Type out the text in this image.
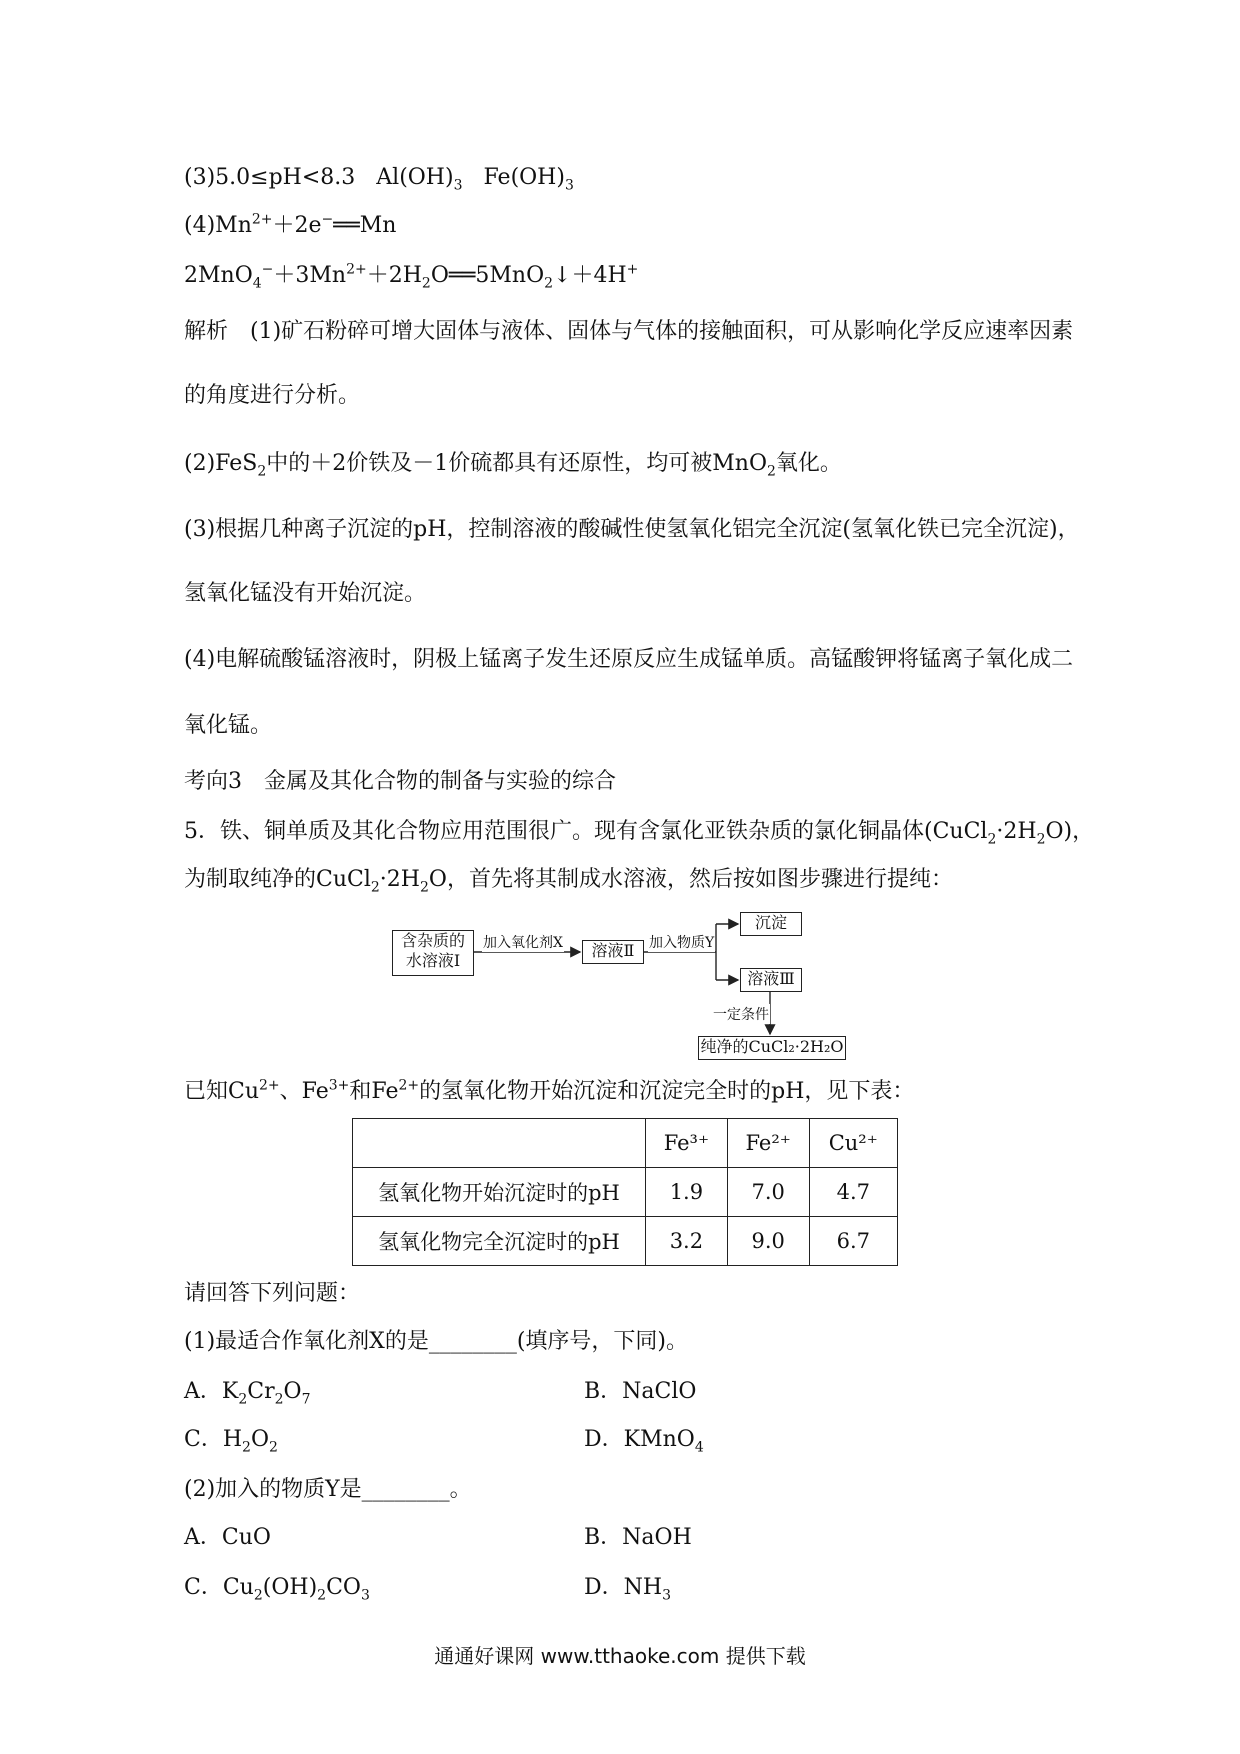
(3)5.0≤pH<8.3 $Al(OH)_3$ $Fe(OH)_3$
$(4)Mn^{2+}+2e^-══Mn$
$2MnO_4^-+3Mn^{2+}+2H_2O══5MnO_2↓+4H^+$
解析　(1)矿石粉碎可增大固体与液体、固体与气体的接触面积，可从影响化学反应速率因素
的角度进行分析。
(2)FeS$_2$中的＋2价铁及－1价硫都具有还原性，均可被MnO$_2$氧化。
(3)根据几种离子沉淀的pH，控制溶液的酸碱性使氢氧化铝完全沉淀(氢氧化铁已完全沉淀)，
氢氧化锰没有开始沉淀。
(4)电解硫酸锰溶液时，阴极上锰离子发生还原反应生成锰单质。高锰酸钾将锰离子氧化成二
氧化锰。
考向3　金属及其化合物的制备与实验的综合
5．铁、铜单质及其化合物应用范围很广。现有含氯化亚铁杂质的氯化铜晶体$(CuCl_2\cdot 2H_2O)$，
为制取纯净的$CuCl_2\cdot 2H_2O$，首先将其制成水溶液，然后按如图步骤进行提纯：
含杂质的
水溶液Ⅰ
加入氧化剂X	溶液Ⅱ	加入物质Y
沉淀
溶液Ⅲ
一定条件
纯净的CuCl₂·2H₂O
已知$Cu^{2+}$、$Fe^{3+}$和$Fe^{2+}$的氢氧化物开始沉淀和沉淀完全时的pH，见下表：
	Fe³⁺	Fe²⁺	Cu²⁺
氢氧化物开始沉淀时的pH	1.9	7.0	4.7
氢氧化物完全沉淀时的pH	3.2	9.0	6.7
请回答下列问题：
(1)最适合作氧化剂X的是________(填序号，下同)。
A．$K_2Cr_2O_7$	B．NaClO
C．$H_2O_2$	D．KMnO$_4$
(2)加入的物质Y是________。
A．CuO	B．NaOH
C．$Cu_2(OH)_2CO_3$	D．$NH_3$
通通好课网 www.tthaoke.com 提供下载
